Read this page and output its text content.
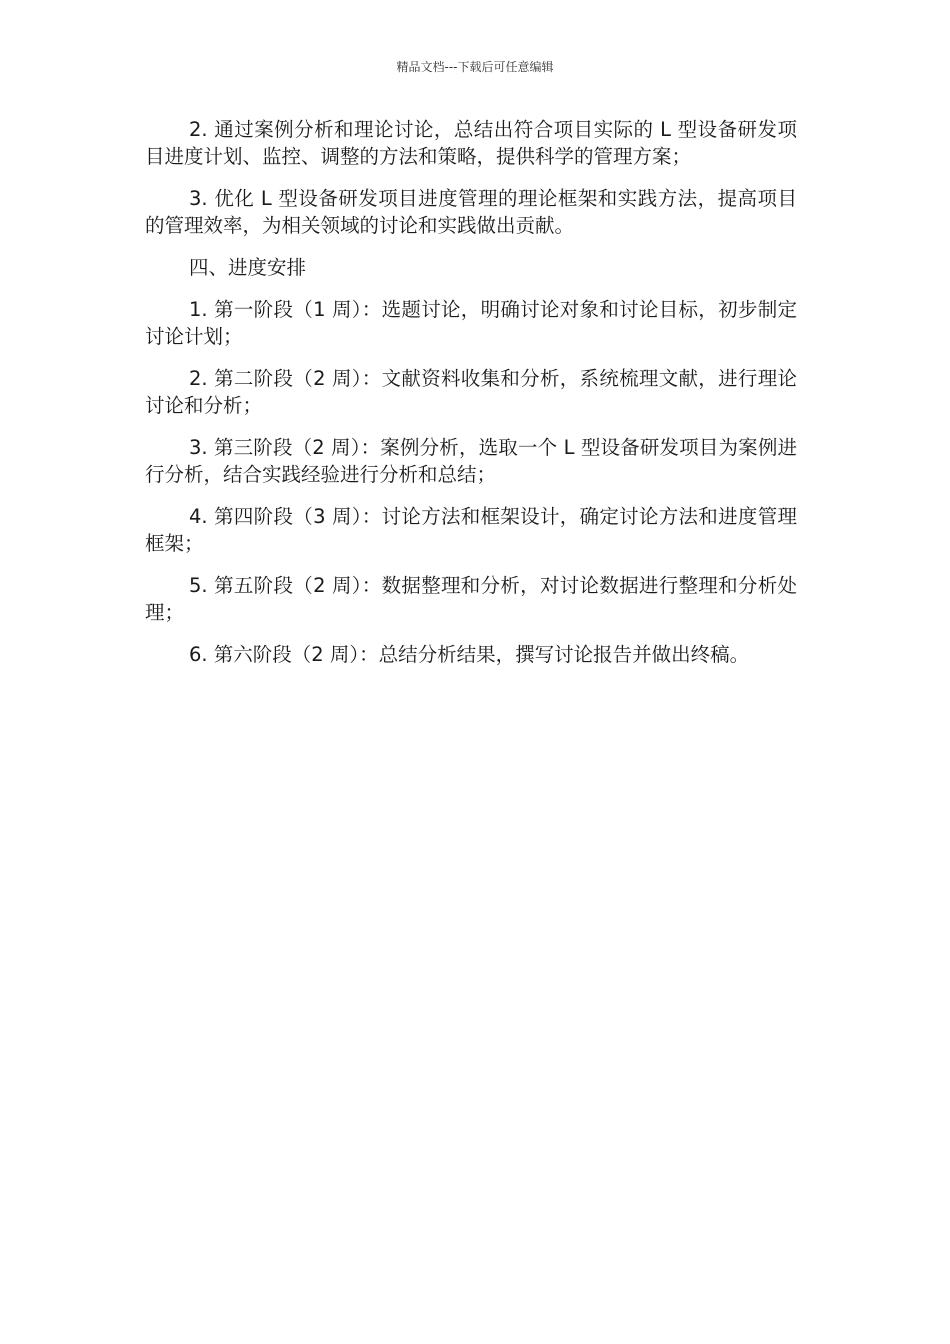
精品文档---下载后可任意编辑

2. 通过案例分析和理论讨论，总结出符合项目实际的 L 型设备研发项目进度计划、监控、调整的方法和策略，提供科学的管理方案；

3. 优化 L 型设备研发项目进度管理的理论框架和实践方法，提高项目的管理效率，为相关领域的讨论和实践做出贡献。

四、进度安排

1. 第一阶段（1 周）：选题讨论，明确讨论对象和讨论目标，初步制定讨论计划；

2. 第二阶段（2 周）：文献资料收集和分析，系统梳理文献，进行理论讨论和分析；

3. 第三阶段（2 周）：案例分析，选取一个 L 型设备研发项目为案例进行分析，结合实践经验进行分析和总结；

4. 第四阶段（3 周）：讨论方法和框架设计，确定讨论方法和进度管理框架；

5. 第五阶段（2 周）：数据整理和分析，对讨论数据进行整理和分析处理；

6. 第六阶段（2 周）：总结分析结果，撰写讨论报告并做出终稿。
